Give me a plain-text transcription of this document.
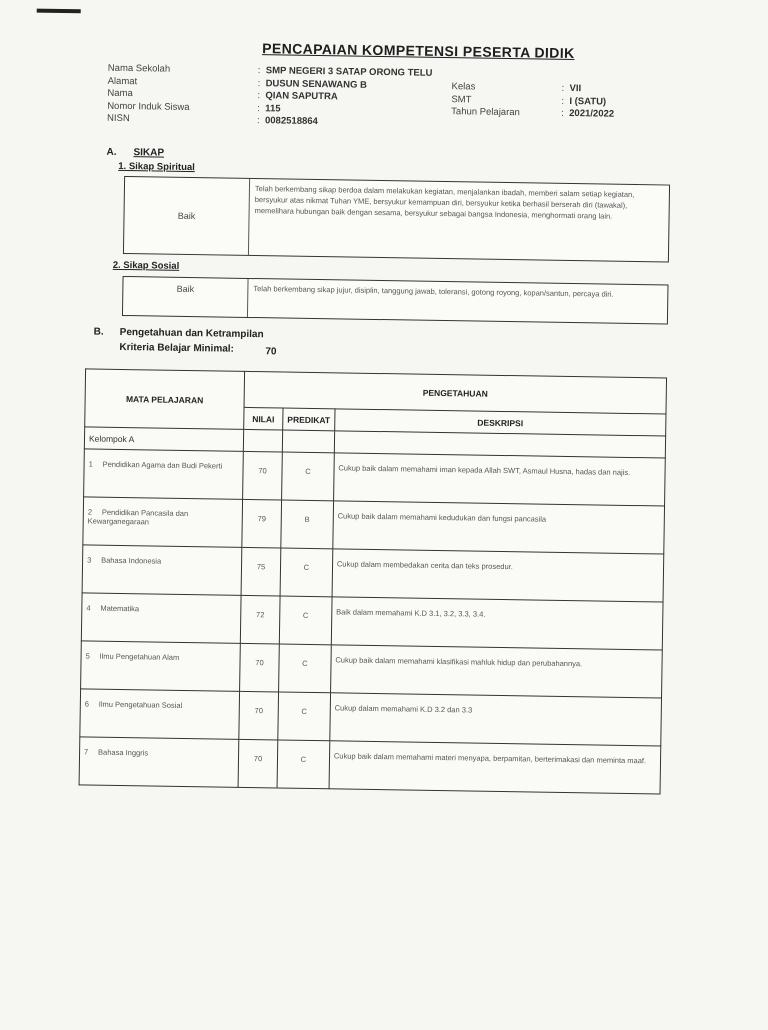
PENCAPAIAN KOMPETENSI PESERTA DIDIK
Nama Sekolah	: SMP NEGERI 3 SATAP ORONG TELU
Alamat	: DUSUN SENAWANG B
Nama	: QIAN SAPUTRA
Nomor Induk Siswa	: 115
NISN	: 0082518864
Kelas	: VII
SMT	: I (SATU)
Tahun Pelajaran	: 2021/2022
A. SIKAP
1. Sikap Spiritual
Baik
Telah berkembang sikap berdoa dalam melakukan kegiatan, menjalankan ibadah, memberi salam setiap kegiatan, bersyukur atas nikmat Tuhan YME, bersyukur kemampuan diri, bersyukur ketika berhasil berserah diri (tawakal), memelihara hubungan baik dengan sesama, bersyukur sebagai bangsa Indonesia, menghormati orang lain.
2. Sikap Sosial
Baik	Telah berkembang sikap jujur, disiplin, tanggung jawab, toleransi, gotong royong, kopan/santun, percaya diri.
B. Pengetahuan dan Ketrampilan
Kriteria Belajar Minimal:	70
MATA PELAJARAN	PENGETAHUAN		
	NILAI	PREDIKAT	DESKRIPSI
Kelompok A			
1 Pendidikan Agama dan Budi Pekerti	70	C	Cukup baik dalam memahami iman kepada Allah SWT, Asmaul Husna, hadas dan najis.
2 Pendidikan Pancasila dan Kewarganegaraan	79	B	Cukup baik dalam memahami kedudukan dan fungsi pancasila
3 Bahasa Indonesia	75	C	Cukup dalam membedakan cerita dan teks prosedur.
4 Matematika	72	C	Baik dalam memahami K.D 3.1, 3.2, 3.3, 3.4.
5 Ilmu Pengetahuan Alam	70	C	Cukup baik dalam memahami klasifikasi mahluk hidup dan perubahannya.
6 Ilmu Pengetahuan Sosial	70	C	Cukup dalam memahami K.D 3.2 dan 3.3
7 Bahasa Inggris	70	C	Cukup baik dalam memahami materi menyapa, berpamitan, berterimakasi dan meminta maaf.
